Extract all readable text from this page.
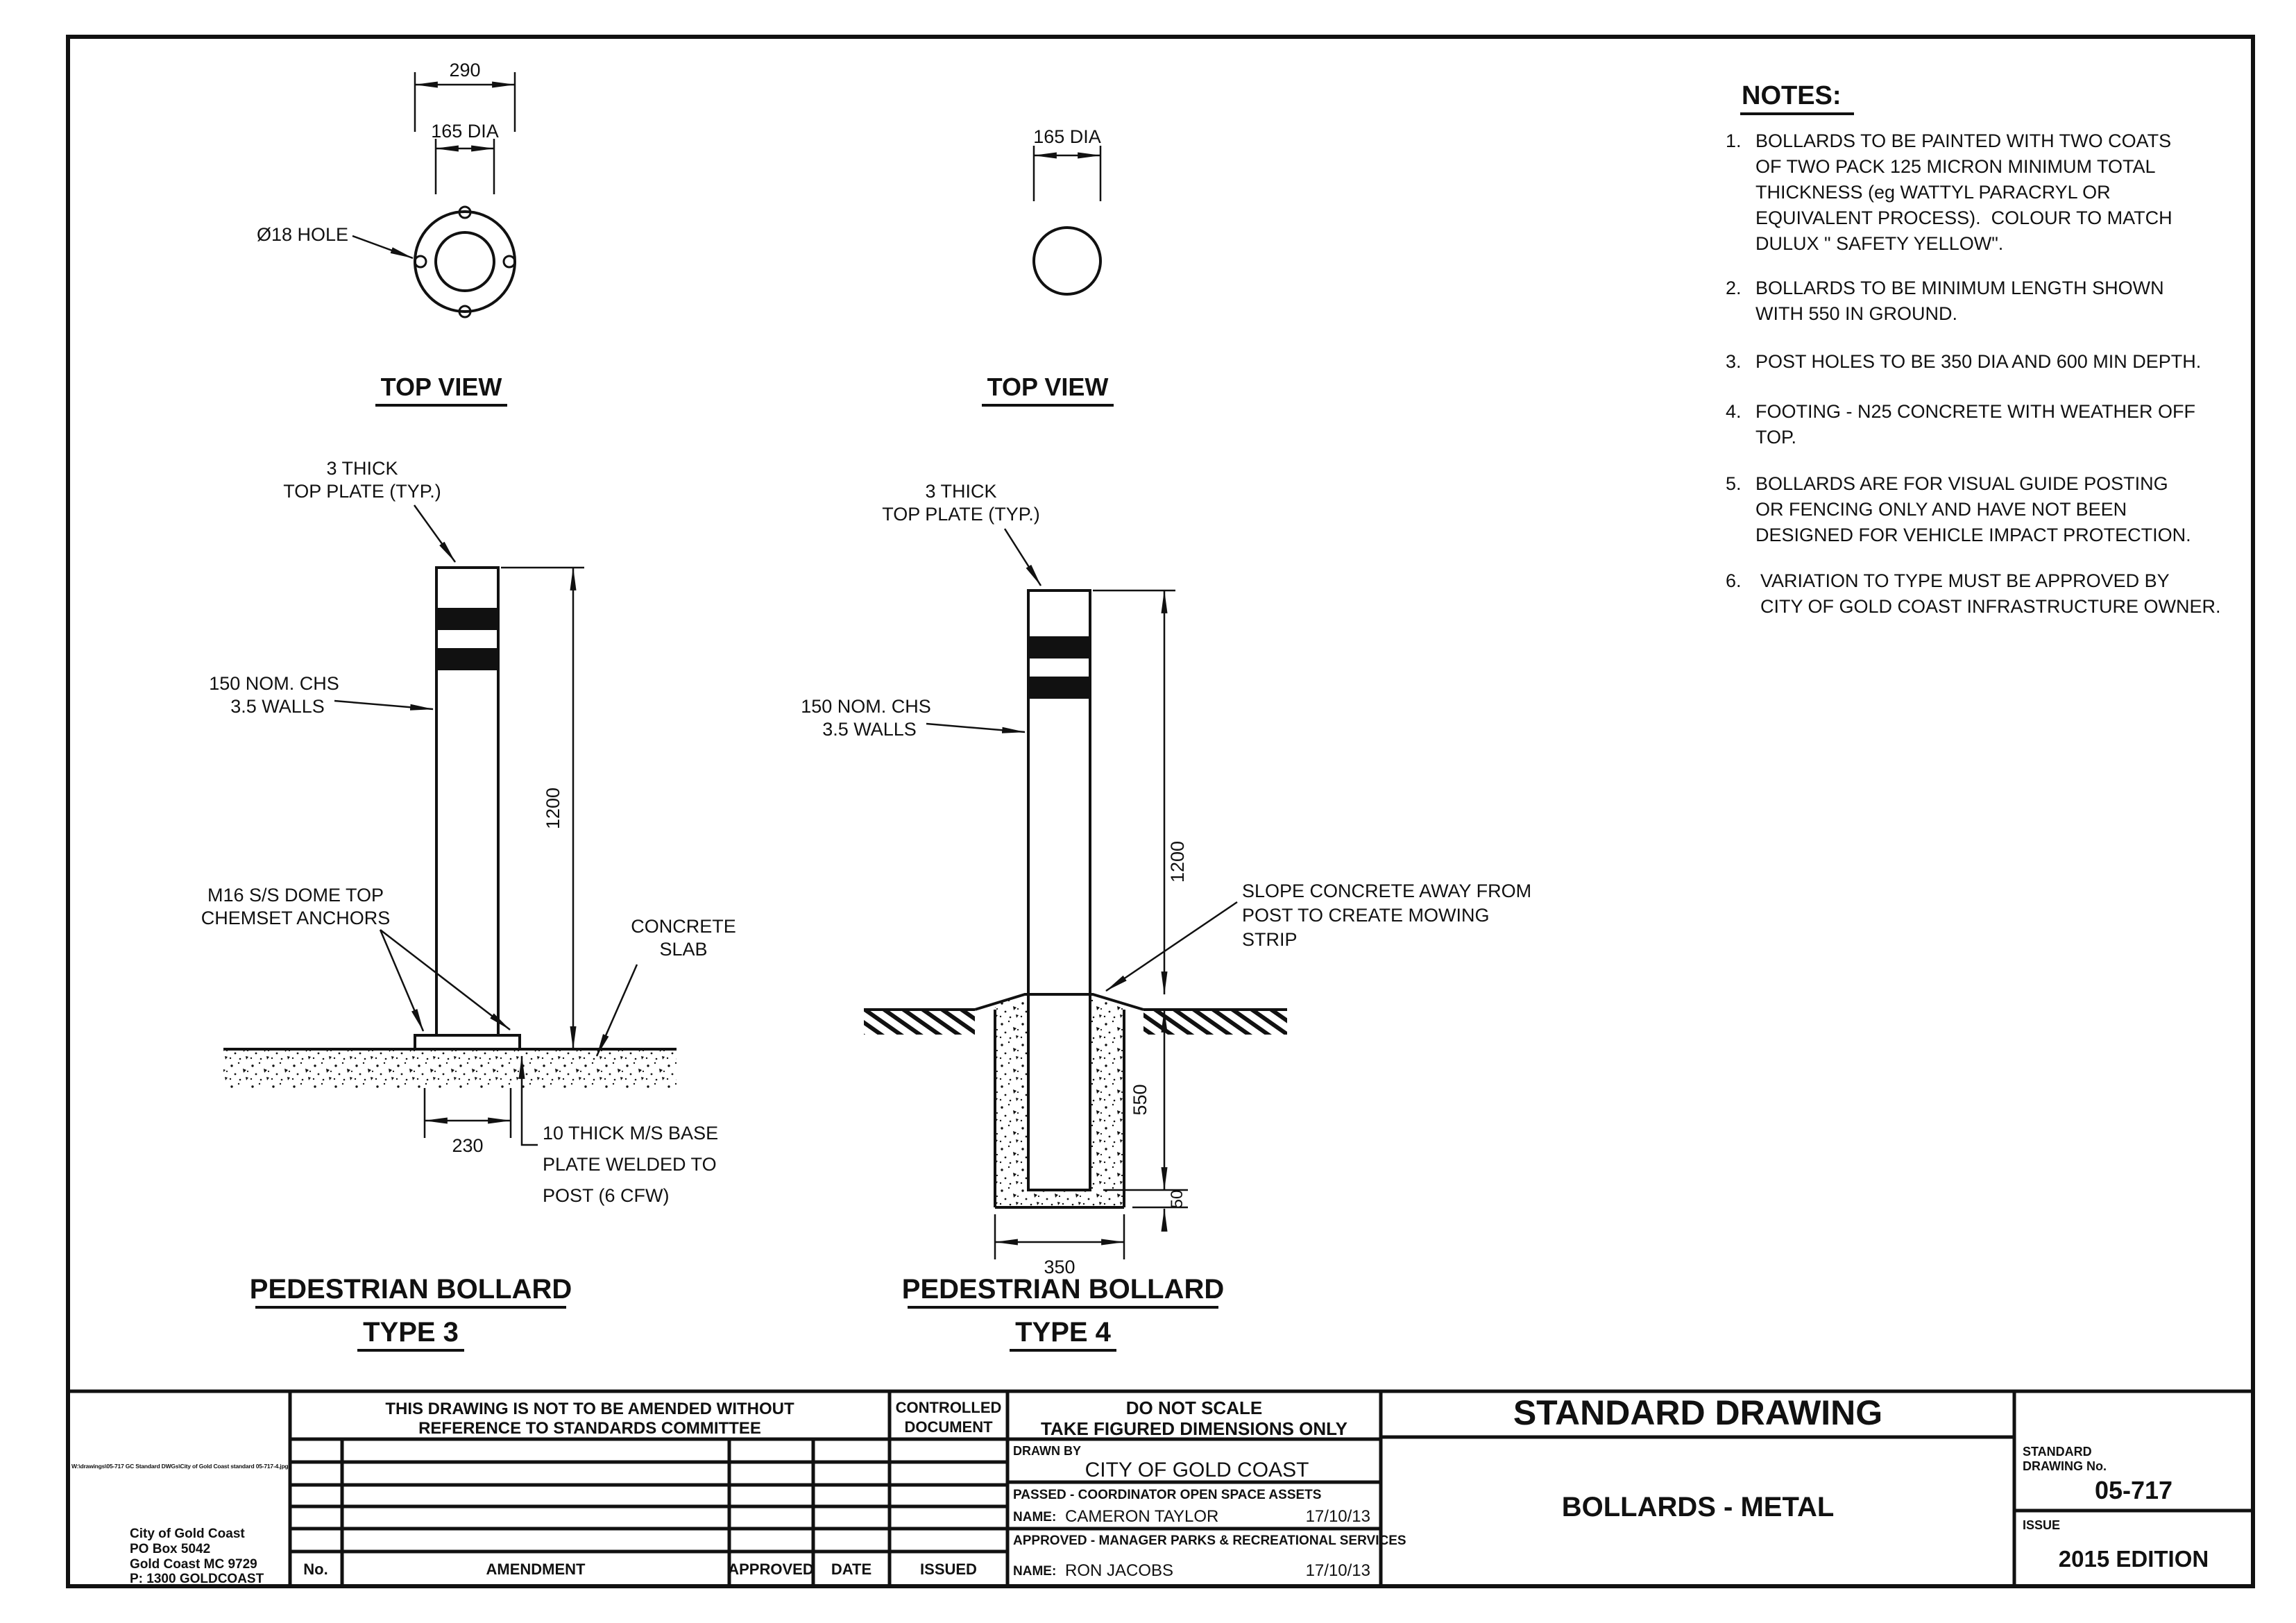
290
165 DIA
Ø18 HOLE
TOP VIEW
165 DIA
TOP VIEW
1200
230
3 THICK
TOP PLATE (TYP.)
150 NOM. CHS
3.5 WALLS
M16 S/S DOME TOP
CHEMSET ANCHORS	CONCRETE
SLAB
10 THICK M/S BASE
PLATE WELDED TO
POST (6 CFW)
PEDESTRIAN BOLLARD
TYPE 3
1200
550
50
350
3 THICK
TOP PLATE (TYP.)
150 NOM. CHS
3.5 WALLS
SLOPE CONCRETE AWAY FROM
POST TO CREATE MOWING
STRIP
PEDESTRIAN BOLLARD
TYPE 4
NOTES:
1. BOLLARDS TO BE PAINTED WITH TWO COATS
OF TWO PACK 125 MICRON MINIMUM TOTAL
THICKNESS (eg WATTYL PARACRYL OR
EQUIVALENT PROCESS).  COLOUR TO MATCH
DULUX " SAFETY YELLOW".
2. BOLLARDS TO BE MINIMUM LENGTH SHOWN
WITH 550 IN GROUND.
3. POST HOLES TO BE 350 DIA AND 600 MIN DEPTH.
4. FOOTING - N25 CONCRETE WITH WEATHER OFF
TOP.
5. BOLLARDS ARE FOR VISUAL GUIDE POSTING
OR FENCING ONLY AND HAVE NOT BEEN
DESIGNED FOR VEHICLE IMPACT PROTECTION.
6. VARIATION TO TYPE MUST BE APPROVED BY
CITY OF GOLD COAST INFRASTRUCTURE OWNER.
W:\drawings\05-717 GC Standard DWGs\City of Gold Coast standard 05-717-4.jpg
City of Gold Coast
PO Box 5042
Gold Coast MC 9729
P: 1300 GOLDCOAST
THIS DRAWING IS NOT TO BE AMENDED WITHOUT
REFERENCE TO STANDARDS COMMITTEE
CONTROLLED
DOCUMENT
No.	AMENDMENT	APPROVED DATE	ISSUED
DO NOT SCALE
TAKE FIGURED DIMENSIONS ONLY
DRAWN BY
CITY OF GOLD COAST
PASSED - COORDINATOR OPEN SPACE ASSETS
NAME: CAMERON TAYLOR	17/10/13
APPROVED - MANAGER PARKS & RECREATIONAL SERVICES
NAME: RON JACOBS	17/10/13
STANDARD DRAWING
BOLLARDS - METAL
STANDARD
DRAWING No.
05-717
ISSUE
2015 EDITION
